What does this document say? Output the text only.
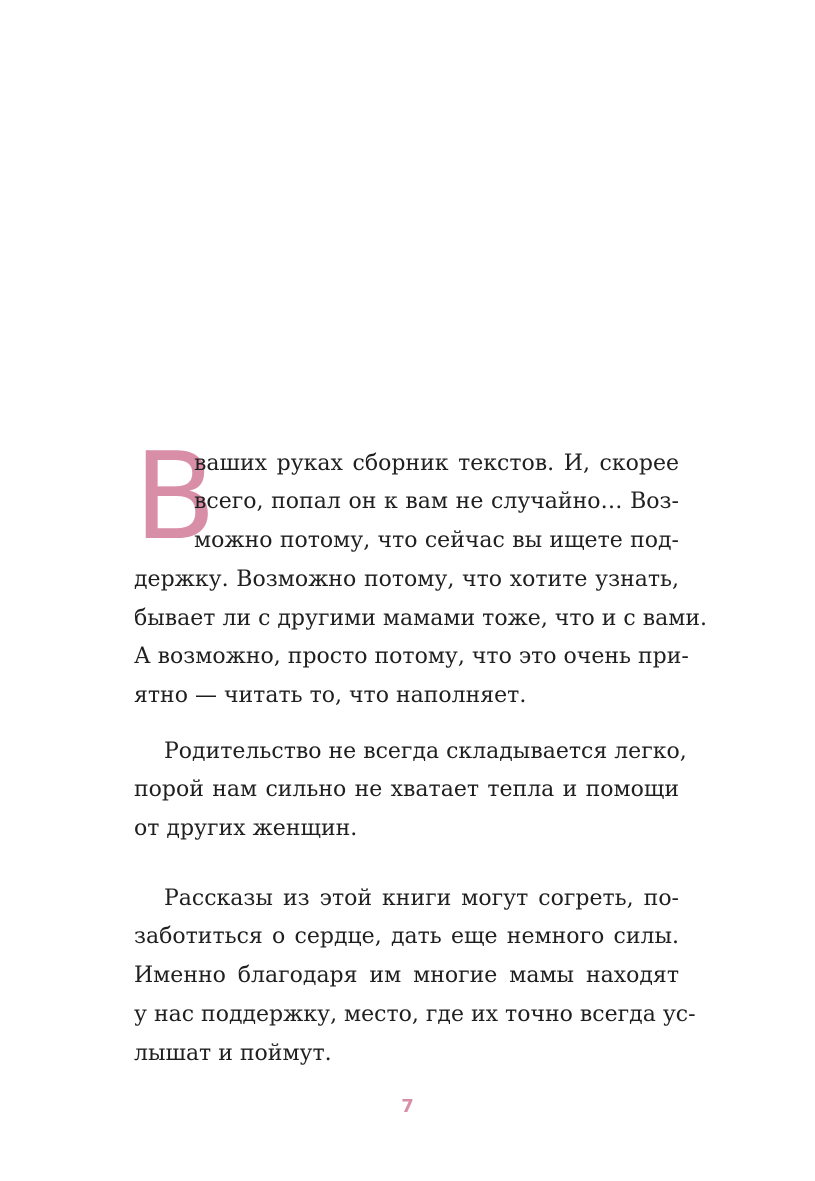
В
ваших руках сборник текстов. И, скорее
всего, попал он к вам не случайно… Воз-
можно потому, что сейчас вы ищете под-
держку. Возможно потому, что хотите узнать,
бывает ли с другими мамами тоже, что и с вами.
А возможно, просто потому, что это очень при-
ятно — читать то, что наполняет.
Родительство не всегда складывается легко,
порой нам сильно не хватает тепла и помощи
от других женщин.
Рассказы из этой книги могут согреть, по-
заботиться о сердце, дать еще немного силы.
Именно благодаря им многие мамы находят
у нас поддержку, место, где их точно всегда ус-
лышат и поймут.
7
